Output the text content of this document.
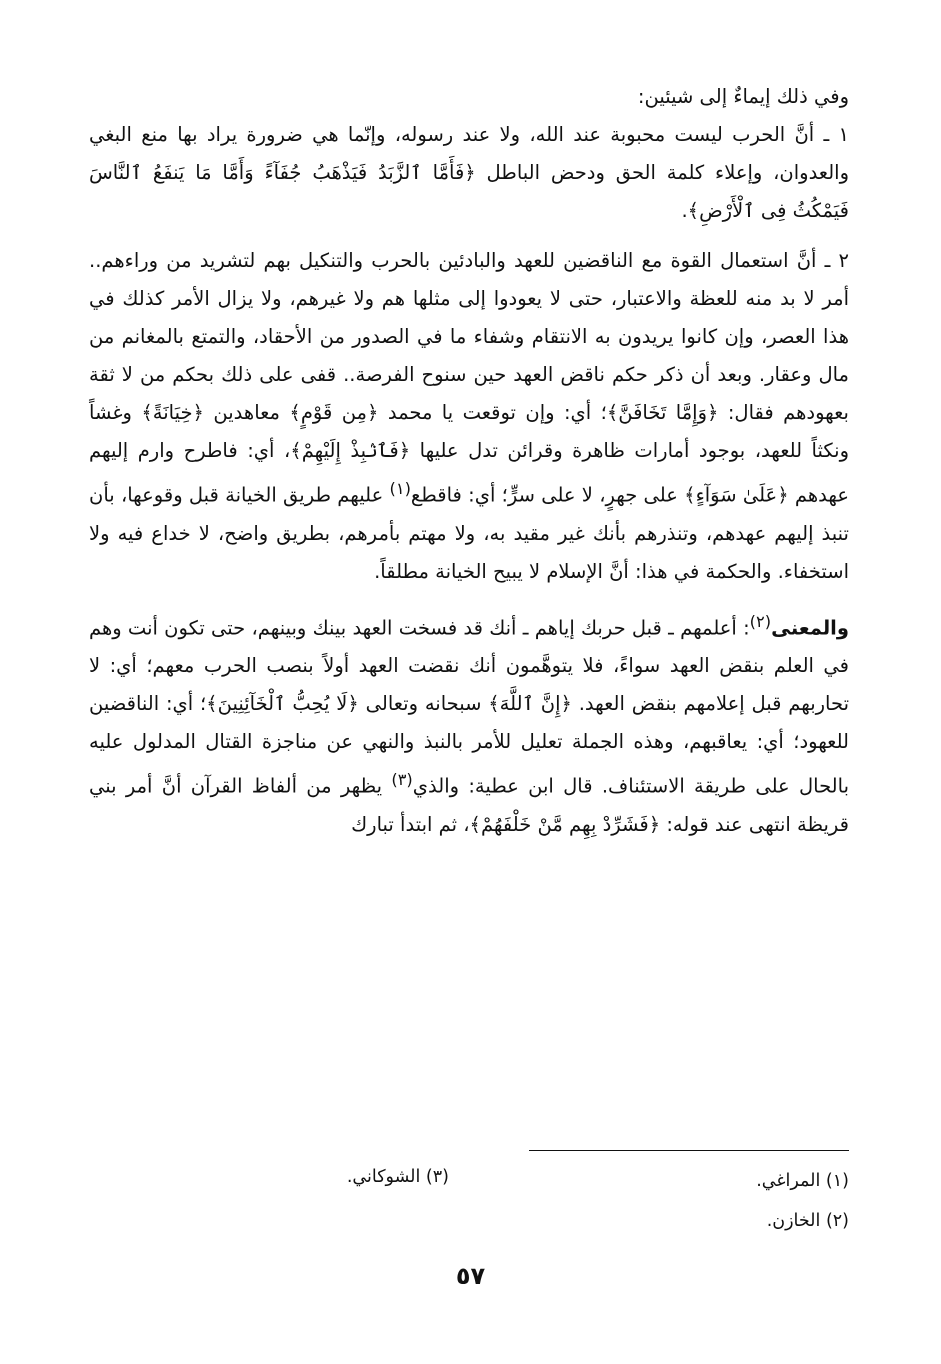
وفي ذلك إيماءٌ إلى شيئين:

١ ـ أنَّ الحرب ليست محبوبة عند الله، ولا عند رسوله، وإنّما هي ضرورة يراد بها منع البغي والعدوان، وإعلاء كلمة الحق ودحض الباطل ﴿فَأَمَّا ٱلزَّبَدُ فَيَذْهَبُ جُفَآءً وَأَمَّا مَا يَنفَعُ ٱلنَّاسَ فَيَمْكُثُ فِى ٱلْأَرْضِ﴾.

٢ ـ أنَّ استعمال القوة مع الناقضين للعهد والبادئين بالحرب والتنكيل بهم لتشريد من وراءهم.. أمر لا بد منه للعظة والاعتبار، حتى لا يعودوا إلى مثلها هم ولا غيرهم، ولا يزال الأمر كذلك في هذا العصر، وإن كانوا يريدون به الانتقام وشفاء ما في الصدور من الأحقاد، والتمتع بالمغانم من مال وعقار. وبعد أن ذكر حكم ناقض العهد حين سنوح الفرصة.. قفى على ذلك بحكم من لا ثقة بعهودهم فقال: ﴿وَإِمَّا تَخَافَنَّ﴾؛ أي: وإن توقعت يا محمد ﴿مِن قَوْمٍ﴾ معاهدين ﴿خِيَانَةً﴾ وغشاً ونكثاً للعهد، بوجود أمارات ظاهرة وقرائن تدل عليها ﴿فَٱنۢبِذْ إِلَيْهِمْ﴾، أي: فاطرح وارم إليهم عهدهم ﴿عَلَىٰ سَوَآءٍ﴾ على جهرٍ، لا على سرٍّ؛ أي: فاقطع$^{(١)}$ عليهم طريق الخيانة قبل وقوعها، بأن تنبذ إليهم عهدهم، وتنذرهم بأنك غير مقيد به، ولا مهتم بأمرهم، بطريق واضح، لا خداع فيه ولا استخفاء. والحكمة في هذا: أنَّ الإسلام لا يبيح الخيانة مطلقاً.

والمعنى$^{(٢)}$: أعلمهم ـ قبل حربك إياهم ـ أنك قد فسخت العهد بينك وبينهم، حتى تكون أنت وهم في العلم بنقض العهد سواءً، فلا يتوهَّمون أنك نقضت العهد أولاً بنصب الحرب معهم؛ أي: لا تحاربهم قبل إعلامهم بنقض العهد. ﴿إِنَّ ٱللَّهَ﴾ سبحانه وتعالى ﴿لَا يُحِبُّ ٱلْخَآئِنِينَ﴾؛ أي: الناقضين للعهود؛ أي: يعاقبهم، وهذه الجملة تعليل للأمر بالنبذ والنهي عن مناجزة القتال المدلول عليه بالحال على طريقة الاستئناف. قال ابن عطية: والذي$^{(٣)}$ يظهر من ألفاظ القرآن أنَّ أمر بني قريظة انتهى عند قوله: ﴿فَشَرِّدْ بِهِم مَّنْ خَلْفَهُمْ﴾، ثم ابتدأ تبارك

(١) المراغي.
(٢) الخازن.
(٣) الشوكاني.
٥٧
